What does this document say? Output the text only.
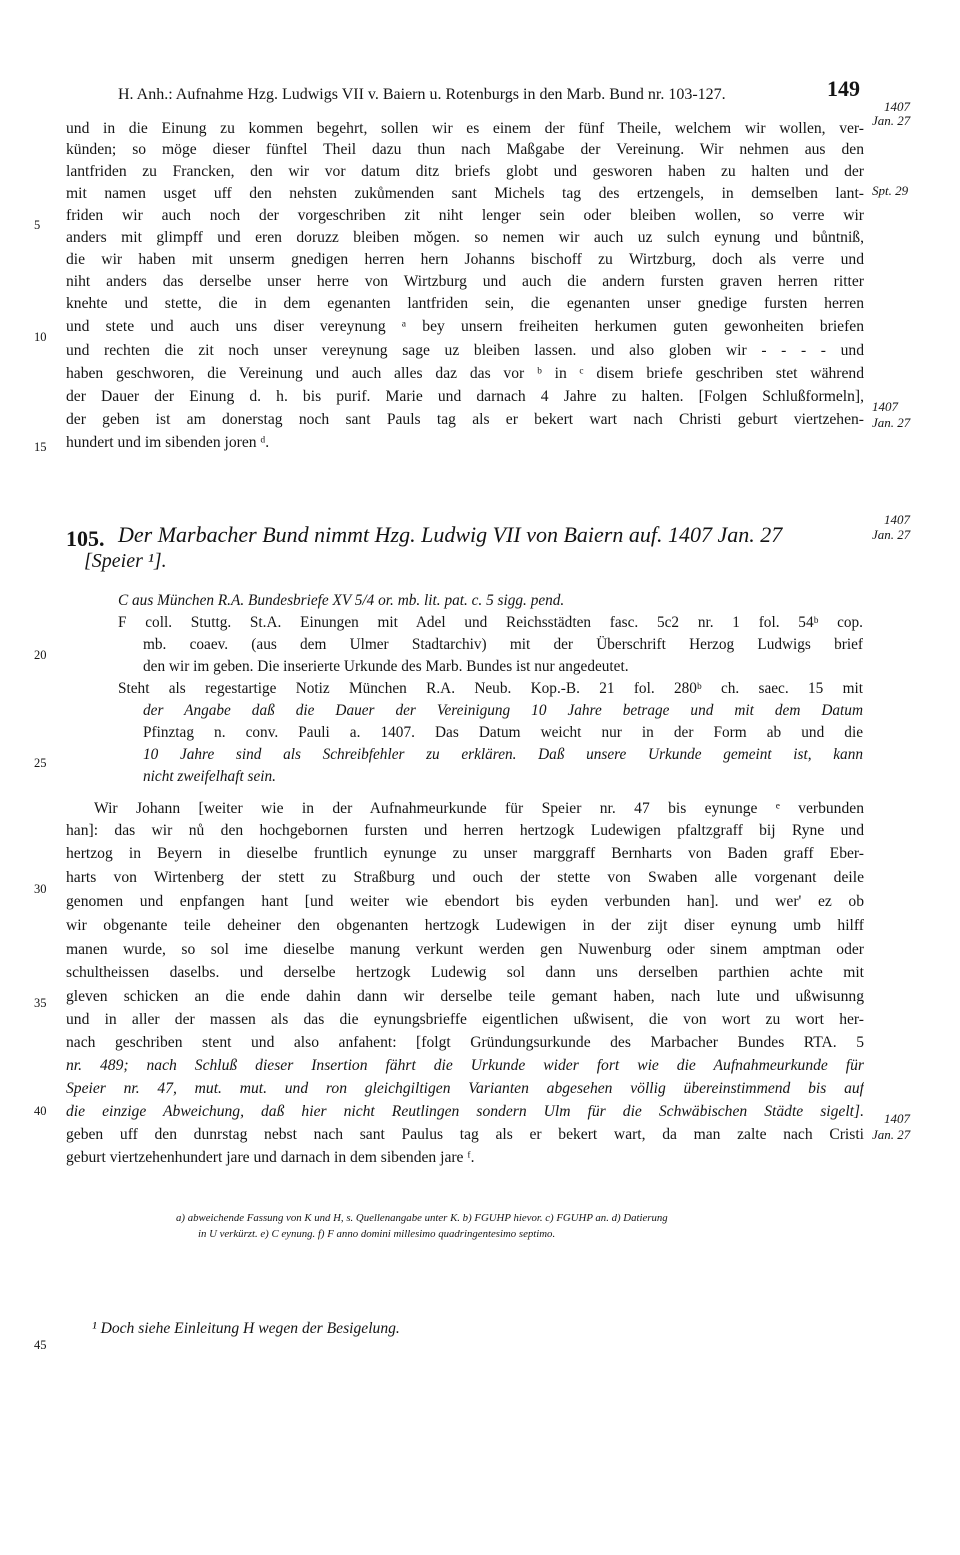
H. Anh.: Aufnahme Hzg. Ludwigs VII v. Baiern u. Rotenburgs in den Marb. Bund nr. 103-127.	149
und in die Einung zu kommen begehrt, sollen wir es einem der fünf Theile, welchem wir wollen, ver-
künden; so möge dieser fünftel Theil dazu thun nach Maßgabe der Vereinung. Wir nehmen aus den
lantfriden zu Francken, den wir vor datum ditz briefs globt und gesworen haben zu halten und der
mit namen usget uff den nehsten zukůmenden sant Michels tag des ertzengels, in demselben lant-
friden wir auch noch der vorgeschriben zit niht lenger sein oder bleiben wollen, so verre wir
anders mit glimpff und eren doruzz bleiben mǒgen. so nemen wir auch uz sulch eynung und bůntniß,
die wir haben mit unserm gnedigen herren hern Johanns bischoff zu Wirtzburg, doch als verre und
niht anders das derselbe unser herre von Wirtzburg und auch die andern fursten graven herren ritter
knehte und stette, die in dem egenanten lantfriden sein, die egenanten unser gnedige fursten herren
und stete und auch uns diser vereynung ᵃ bey unsern freiheiten herkumen guten gewonheiten briefen
und rechten die zit noch unser vereynung sage uz bleiben lassen. und also globen wir - - - - und
haben geschworen, die Vereinung und auch alles daz das vor ᵇ in ᶜ disem briefe geschriben stet während
der Dauer der Einung d. h. bis purif. Marie und darnach 4 Jahre zu halten. [Folgen Schlußformeln],
der geben ist am donerstag noch sant Pauls tag als er bekert wart nach Christi geburt viertzehen-
hundert und im sibenden joren ᵈ.
1407
Jan. 27
Spt. 29
1407
Jan. 27
1407
Jan. 27
1407
Jan. 27
5
10
15
20
25
30
35
40
45
105. Der Marbacher Bund nimmt Hzg. Ludwig VII von Baiern auf. 1407 Jan. 27
[Speier ¹].
C aus München R.A. Bundesbriefe XV 5/4 or. mb. lit. pat. c. 5 sigg. pend.
F coll. Stuttg. St.A. Einungen mit Adel und Reichsstädten fasc. 5c2 nr. 1 fol. 54ᵇ cop.
mb. coaev. (aus dem Ulmer Stadtarchiv) mit der Überschrift Herzog Ludwigs brief
den wir im geben. Die inserierte Urkunde des Marb. Bundes ist nur angedeutet.
Steht als regestartige Notiz München R.A. Neub. Kop.-B. 21 fol. 280ᵇ ch. saec. 15 mit
der Angabe daß die Dauer der Vereinigung 10 Jahre betrage und mit dem Datum
Pfinztag n. conv. Pauli a. 1407. Das Datum weicht nur in der Form ab und die
10 Jahre sind als Schreibfehler zu erklären. Daß unsere Urkunde gemeint ist, kann
nicht zweifelhaft sein.
Wir Johann [weiter wie in der Aufnahmeurkunde für Speier nr. 47 bis eynunge ᵉ verbunden
han]: das wir nů den hochgebornen fursten und herren hertzogk Ludewigen pfaltzgraff bij Ryne und
hertzog in Beyern in dieselbe fruntlich eynunge zu unser marggraff Bernharts von Baden graff Eber-
harts von Wirtenberg der stett zu Straßburg und ouch der stette von Swaben alle vorgenant deile
genomen und enpfangen hant [und weiter wie ebendort bis eyden verbunden han]. und wer' ez ob
wir obgenante teile deheiner den obgenanten hertzogk Ludewigen in der zijt diser eynung umb hilff
manen wurde, so sol ime dieselbe manung verkunt werden gen Nuwenburg oder sinem amptman oder
schultheissen daselbs. und derselbe hertzogk Ludewig sol dann uns derselben parthien achte mit
gleven schicken an die ende dahin dann wir derselbe teile gemant haben, nach lute und ußwisunng
und in aller der massen als das die eynungsbrieffe eigentlichen ußwisent, die von wort zu wort her-
nach geschriben stent und also anfahent: [folgt Gründungsurkunde des Marbacher Bundes RTA. 5
nr. 489; nach Schluß dieser Insertion fährt die Urkunde wider fort wie die Aufnahmeurkunde für
Speier nr. 47, mut. mut. und ron gleichgiltigen Varianten abgesehen völlig übereinstimmend bis auf
die einzige Abweichung, daß hier nicht Reutlingen sondern Ulm für die Schwäbischen Städte sigelt].
geben uff den dunrstag nebst nach sant Paulus tag als er bekert wart, da man zalte nach Cristi
geburt viertzehenhundert jare und darnach in dem sibenden jare ᶠ.
a) abweichende Fassung von K und H, s. Quellenangabe unter K. b) FGUHP hievor. c) FGUHP an. d) Datierung
in U verkürzt. e) C eynung. f) F anno domini millesimo quadringentesimo septimo.
¹ Doch siehe Einleitung H wegen der Besigelung.
